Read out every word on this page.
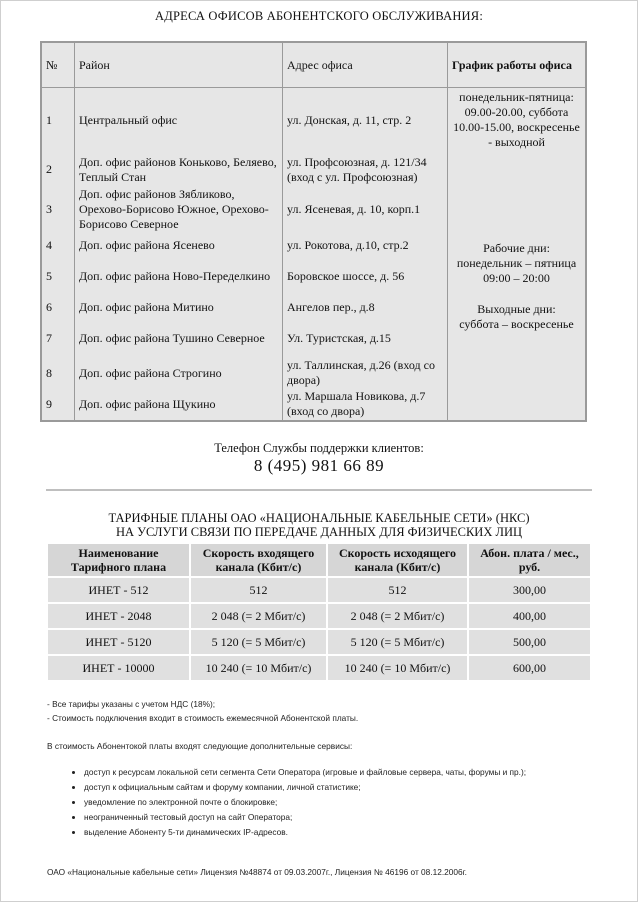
АДРЕСА ОФИСОВ АБОНЕНТСКОГО ОБСЛУЖИВАНИЯ:
№	Район	Адрес офиса	График работы офиса
1	Центральный офис	ул. Донская, д. 11, стр. 2	понедельник-пятница: 09.00-20.00, суббота 10.00-15.00, воскресенье - выходной
2	Доп. офис районов Коньково, Беляево, Теплый Стан	ул. Профсоюзная, д. 121/34 (вход с ул. Профсоюзная)	Рабочие дни:
понедельник – пятница
09:00 – 20:00
Выходные дни:
суббота – воскресенье

3	Доп. офис районов Зябликово, Орехово-Борисово Южное, Орехово-Борисово Северное	ул. Ясеневая, д. 10, корп.1	
4	Доп. офис района Ясенево	ул. Рокотова, д.10, стр.2	
5	Доп. офис района Ново-Переделкино	Боровское шоссе, д. 56	
6	Доп. офис района Митино	Ангелов пер., д.8	
7	Доп. офис района Тушино Северное	Ул. Туристская, д.15	
8	Доп. офис района Строгино	ул. Таллинская, д.26 (вход со двора)	
9	Доп. офис района Щукино	ул. Маршала Новикова, д.7 (вход со двора)	
Телефон Службы поддержки клиентов:
8 (495) 981 66 89
ТАРИФНЫЕ ПЛАНЫ ОАО «НАЦИОНАЛЬНЫЕ КАБЕЛЬНЫЕ СЕТИ» (НКС)
НА УСЛУГИ СВЯЗИ ПО ПЕРЕДАЧЕ ДАННЫХ ДЛЯ ФИЗИЧЕСКИХ ЛИЦ
Наименование Тарифного плана	Скорость входящего канала (Кбит/с)	Скорость исходящего канала (Кбит/с)	Абон. плата / мес., руб.
ИНЕТ - 512	512	512	300,00
ИНЕТ - 2048	2 048 (= 2 Мбит/с)	2 048 (= 2 Мбит/с)	400,00
ИНЕТ - 5120	5 120 (= 5 Мбит/с)	5 120 (= 5 Мбит/с)	500,00
ИНЕТ - 10000	10 240 (= 10 Мбит/с)	10 240 (= 10 Мбит/с)	600,00
- Все тарифы указаны с учетом НДС (18%);
- Стоимость подключения входит в стоимость ежемесячной Абонентской платы.
В стоимость Абонентокой платы входят следующие дополнительные сервисы:
• доступ к ресурсам локальной сети сегмента Сети Оператора (игровые и файловые сервера, чаты, форумы и пр.);
• доступ к официальным сайтам и форуму компании, личной статистике;
• уведомление по электронной почте о блокировке;
• неограниченный тестовый доступ на сайт Оператора;
• выделение Абоненту 5-ти динамических IP-адресов.
ОАО «Национальные кабельные сети» Лицензия №48874 от 09.03.2007г., Лицензия № 46196 от 08.12.2006г.
